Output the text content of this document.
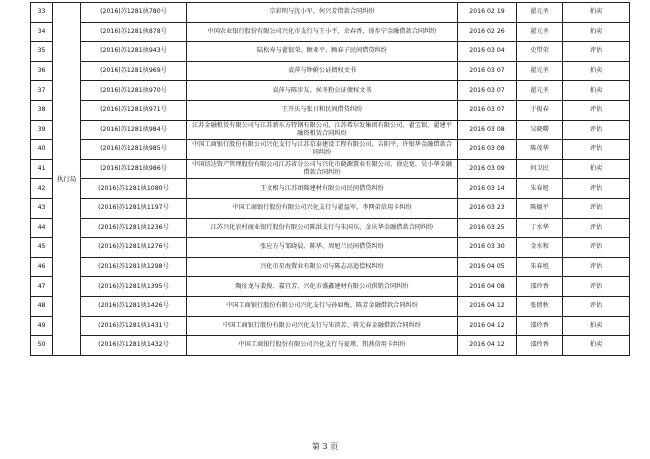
33	执行局	(2016)苏1281执780号	宗彩明与沈小军、何兴芳借款合同纠纷	2016 02 19	翟元圣	拍卖
34		(2016)苏1281执878号	中国农业银行股份有限公司兴化市支行与王小平、余春香、徐步宁金融借款合同纠纷	2016 02 26	翟元圣	拍卖
35		(2016)苏1281执943号	陆松寿与翟银荣、顾亚平、顾春子民间借贷纠纷	2016 03 04	史望荣	评估
36		(2016)苏1281执969号	袁萍与钟蔚公证债权文书	2016 03 07	翟元圣	拍卖
37		(2016)苏1281执970号	袁萍与陈步友、侯冬粉公证债权文书	2016 03 07	翟元圣	拍卖
38		(2016)苏1281执971号	王开庆与张日和民间借贷纠纷	2016 03 07	于俊春	评估
39		(2016)苏1281执984号	江苏金融租赁有限公司与江苏新东方特钢有限公司、江苏希尔发集团有限公司、翟宝银、翟建平融资租赁合同纠纷	2016 03 08	吴晓曙	评估
40		(2016)苏1281执985号	中国工商银行股份有限公司兴化支行与江苏京泰建设工程有限公司、吉阳平、许银华金融借款合同纠纷	2016 03 08	陈茂华	评估
41		(2016)苏1281执986号	中国信达资产管理股份有限公司江苏省分公司与兴化市晓源置业有限公司、徐克宽、吴小华金融借款合同纠纷	2016 03 09	何卫民	拍卖
42		(2016)苏1281执1080号	王文根与江苏团隆建材有限公司民间借贷纠纷	2016 03 14	朱春旭	评估
43		(2016)苏1281执1197号	中国工商银行股份有限公司兴化支行与翟益军、李网弟信用卡纠纷	2016 03 23	陈德平	评估
44		(2016)苏1281执1236号	江苏兴化农村商业银行股份有限公司陈洪支行与朱国东、金庆华金融借款合同纠纷	2016 03 25	丁水华	评估
45		(2016)苏1281执1276号	张应方与邹晓晨、陈华、周旭兰民间借贷纠纷	2016 03 30	金水和	评估
46		(2016)苏1281执1298号	兴化市星海置业有限公司与陈志高追偿权纠纷	2016 04 05	朱春旭	评估
47		(2016)苏1281执1395号	陶征龙与裴俊、嘉宜芳、兴化市盛鑫建材有限公司供销合同纠纷	2016 04 08	邵玲香	评估
48		(2016)苏1281执1426号	中国工商银行股份有限公司兴化支行与孙如梅、陈芳金融借款合同纠纷	2016 04 12	张僖秋	评估
49		(2016)苏1281执1431号	中国工商银行股份有限公司兴化支行与朱滨芳、蒋元春金融借款合同纠纷	2016 04 12	邵玲香	拍卖
50		(2016)苏1281执1432号	中国工商银行股份有限公司兴化支行与夏瑾、钮燕信用卡纠纷	2016 04 12	邵玲香	拍卖
第 3 页
